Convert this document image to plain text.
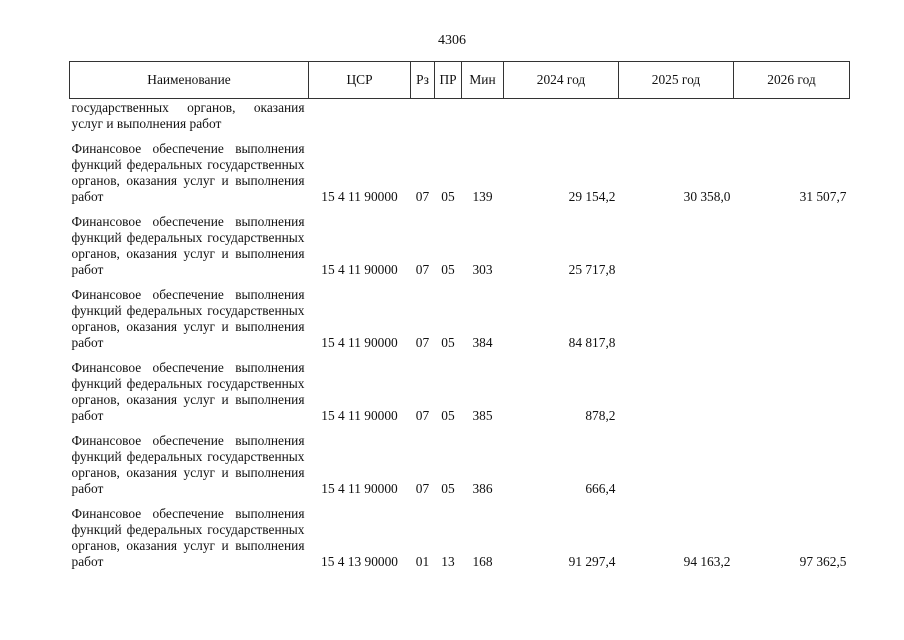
4306
Наименование	ЦСР	Рз	ПР	Мин	2024 год	2025 год	2026 год
государственных органов, оказания услуг и выполнения работ							

Финансовое обеспечение выполнения функций федеральных государственных органов, оказания услуг и выполнения работ	15 4 11 90000	07	05	139	29 154,2	30 358,0	31 507,7

Финансовое обеспечение выполнения функций федеральных государственных органов, оказания услуг и выполнения работ	15 4 11 90000	07	05	303	25 717,8		

Финансовое обеспечение выполнения функций федеральных государственных органов, оказания услуг и выполнения работ	15 4 11 90000	07	05	384	84 817,8		

Финансовое обеспечение выполнения функций федеральных государственных органов, оказания услуг и выполнения работ	15 4 11 90000	07	05	385	878,2		

Финансовое обеспечение выполнения функций федеральных государственных органов, оказания услуг и выполнения работ	15 4 11 90000	07	05	386	666,4		

Финансовое обеспечение выполнения функций федеральных государственных органов, оказания услуг и выполнения работ	15 4 13 90000	01	13	168	91 297,4	94 163,2	97 362,5
